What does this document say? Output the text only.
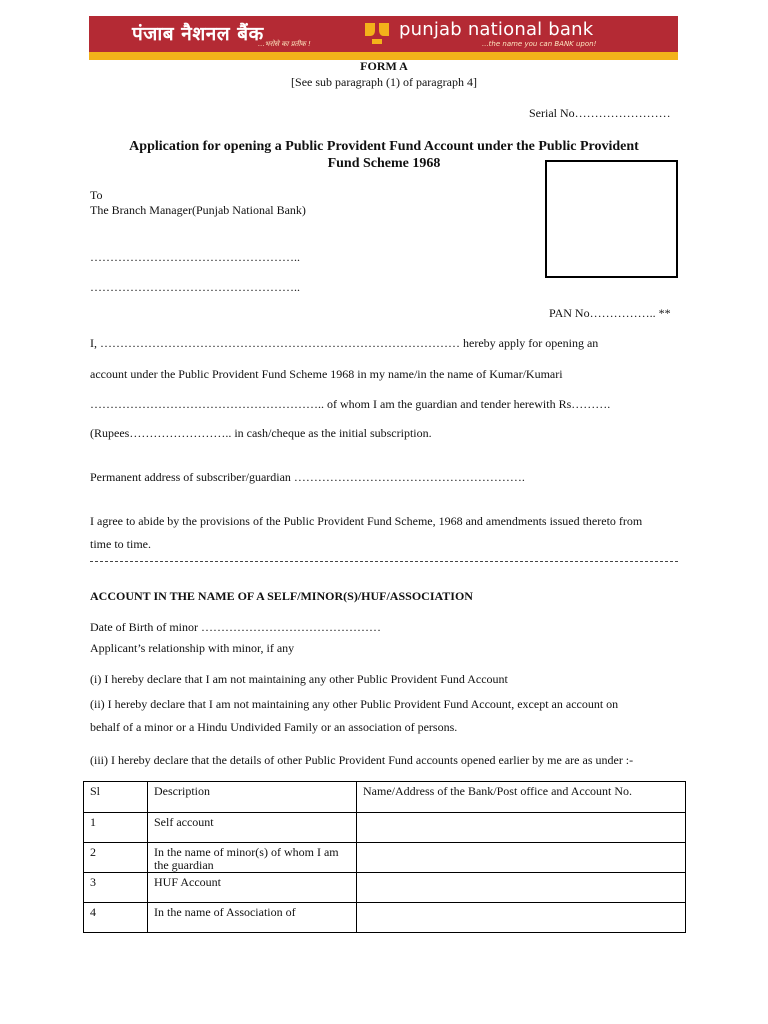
पंजाब नैशनल बैंक
...भरोसे का प्रतीक !
punjab national bank
...the name you can BANK upon!
FORM A
[See sub paragraph (1) of paragraph 4]
Serial No……………………
Application for opening a Public Provident Fund Account under the Public Provident
Fund Scheme 1968
To
The Branch Manager(Punjab National Bank)
……………………………………………..
……………………………………………..
PAN No…………….. **
I, ……………………………………………………………………………… hereby apply for opening an
account under the Public Provident Fund Scheme 1968 in my name/in the name of Kumar/Kumari
………………………………………………….. of whom I am the guardian and tender herewith Rs……….
(Rupees…………………….. in cash/cheque as the initial subscription.
Permanent address of subscriber/guardian ………………………………………………….
I agree to abide by the provisions of the Public Provident Fund Scheme, 1968 and amendments issued thereto from
time to time.
ACCOUNT IN THE NAME OF A SELF/MINOR(S)/HUF/ASSOCIATION
Date of Birth of minor ………………………………………
Applicant’s relationship with minor, if any
(i) I hereby declare that I am not maintaining any other Public Provident Fund Account
(ii) I hereby declare that I am not maintaining any other Public Provident Fund Account, except an account on
behalf of a minor or a Hindu Undivided Family or an association of persons.
(iii) I hereby declare that the details of other Public Provident Fund accounts opened earlier by me are as under :-
Sl	Description	Name/Address of the Bank/Post office and Account No.
1	Self account	
2	In the name of minor(s) of whom I am the guardian	
3	HUF Account	
4	In the name of Association of	
